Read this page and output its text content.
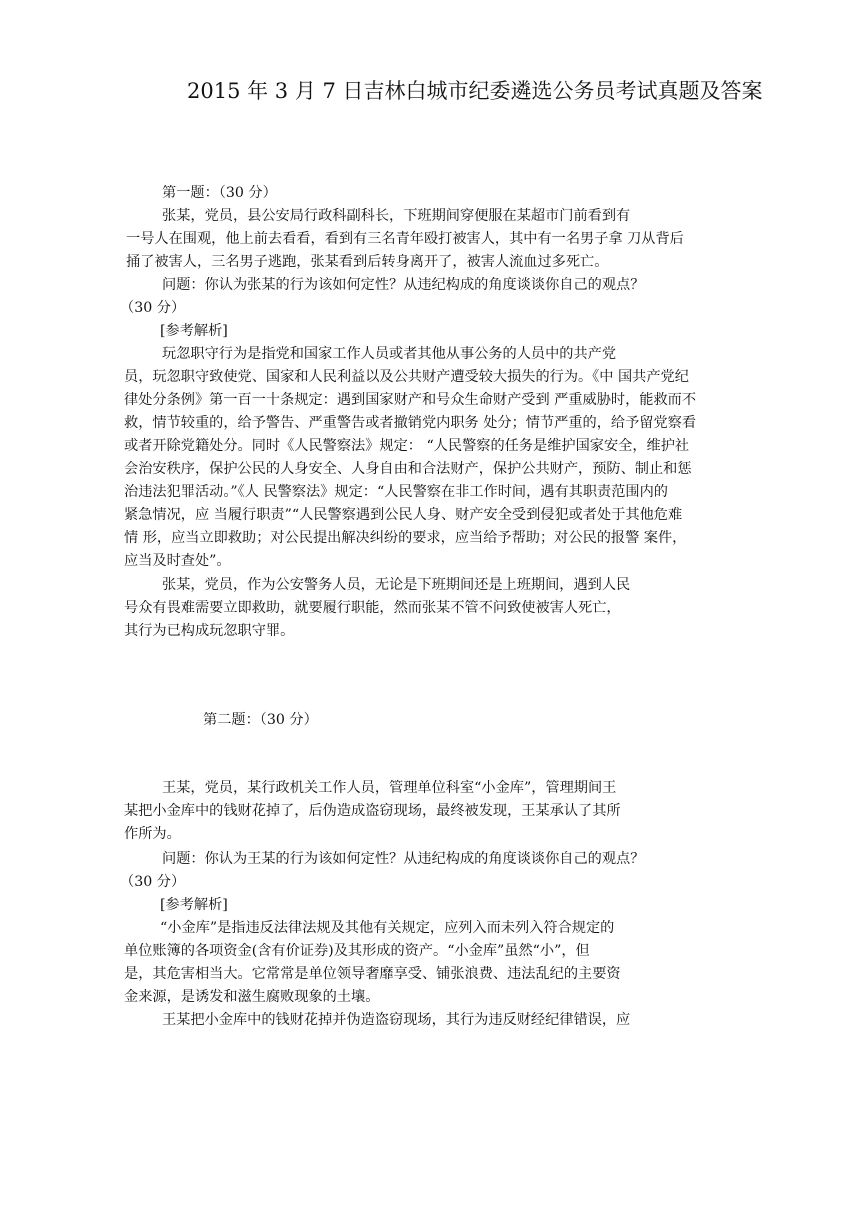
2015 年 3 月 7 日吉林白城市纪委遴选公务员考试真题及答案
第一题：（30 分）
张某，党员，县公安局行政科副科长，下班期间穿便服在某超市门前看到有
一号人在围观，他上前去看看，看到有三名青年殴打被害人，其中有一名男子拿 刀从背后
捅了被害人，三名男子逃跑，张某看到后转身离开了，被害人流血过多死亡。
问题：你认为张某的行为该如何定性？从违纪构成的角度谈谈你自己的观点？
（30 分）
[参考解析]
玩忽职守行为是指党和国家工作人员或者其他从事公务的人员中的共产党
员，玩忽职守致使党、国家和人民利益以及公共财产遭受较大损失的行为。《中 国共产党纪
律处分条例》第一百一十条规定：遇到国家财产和号众生命财产受到 严重威胁时，能救而不
救，情节较重的，给予警告、严重警告或者撤销党内职务 处分；情节严重的，给予留党察看
或者开除党籍处分。同时《人民警察法》规定： “人民警察的任务是维护国家安全，维护社
会治安秩序，保护公民的人身安全、人身自由和合法财产，保护公共财产，预防、制止和惩
治违法犯罪活动。”《人 民警察法》规定：“人民警察在非工作时间，遇有其职责范围内的
紧急情况，应 当履行职责”“人民警察遇到公民人身、财产安全受到侵犯或者处于其他危难
情 形，应当立即救助；对公民提出解决纠纷的要求，应当给予帮助；对公民的报警 案件，
应当及时查处”。
张某，党员，作为公安警务人员，无论是下班期间还是上班期间，遇到人民
号众有畏难需要立即救助，就要履行职能，然而张某不管不问致使被害人死亡，
其行为已构成玩忽职守罪。
第二题：（30 分）
王某，党员，某行政机关工作人员，管理单位科室“小金库”，管理期间王
某把小金库中的钱财花掉了，后伪造成盗窃现场，最终被发现，王某承认了其所
作所为。
问题：你认为王某的行为该如何定性？从违纪构成的角度谈谈你自己的观点？
（30 分）
[参考解析]
“小金库”是指违反法律法规及其他有关规定，应列入而未列入符合规定的
单位账簿的各项资金(含有价证券)及其形成的资产。“小金库”虽然“小”，但
是，其危害相当大。它常常是单位领导奢靡享受、铺张浪费、违法乱纪的主要资
金来源，是诱发和滋生腐败现象的土壤。
王某把小金库中的钱财花掉并伪造盗窃现场，其行为违反财经纪律错误，应
